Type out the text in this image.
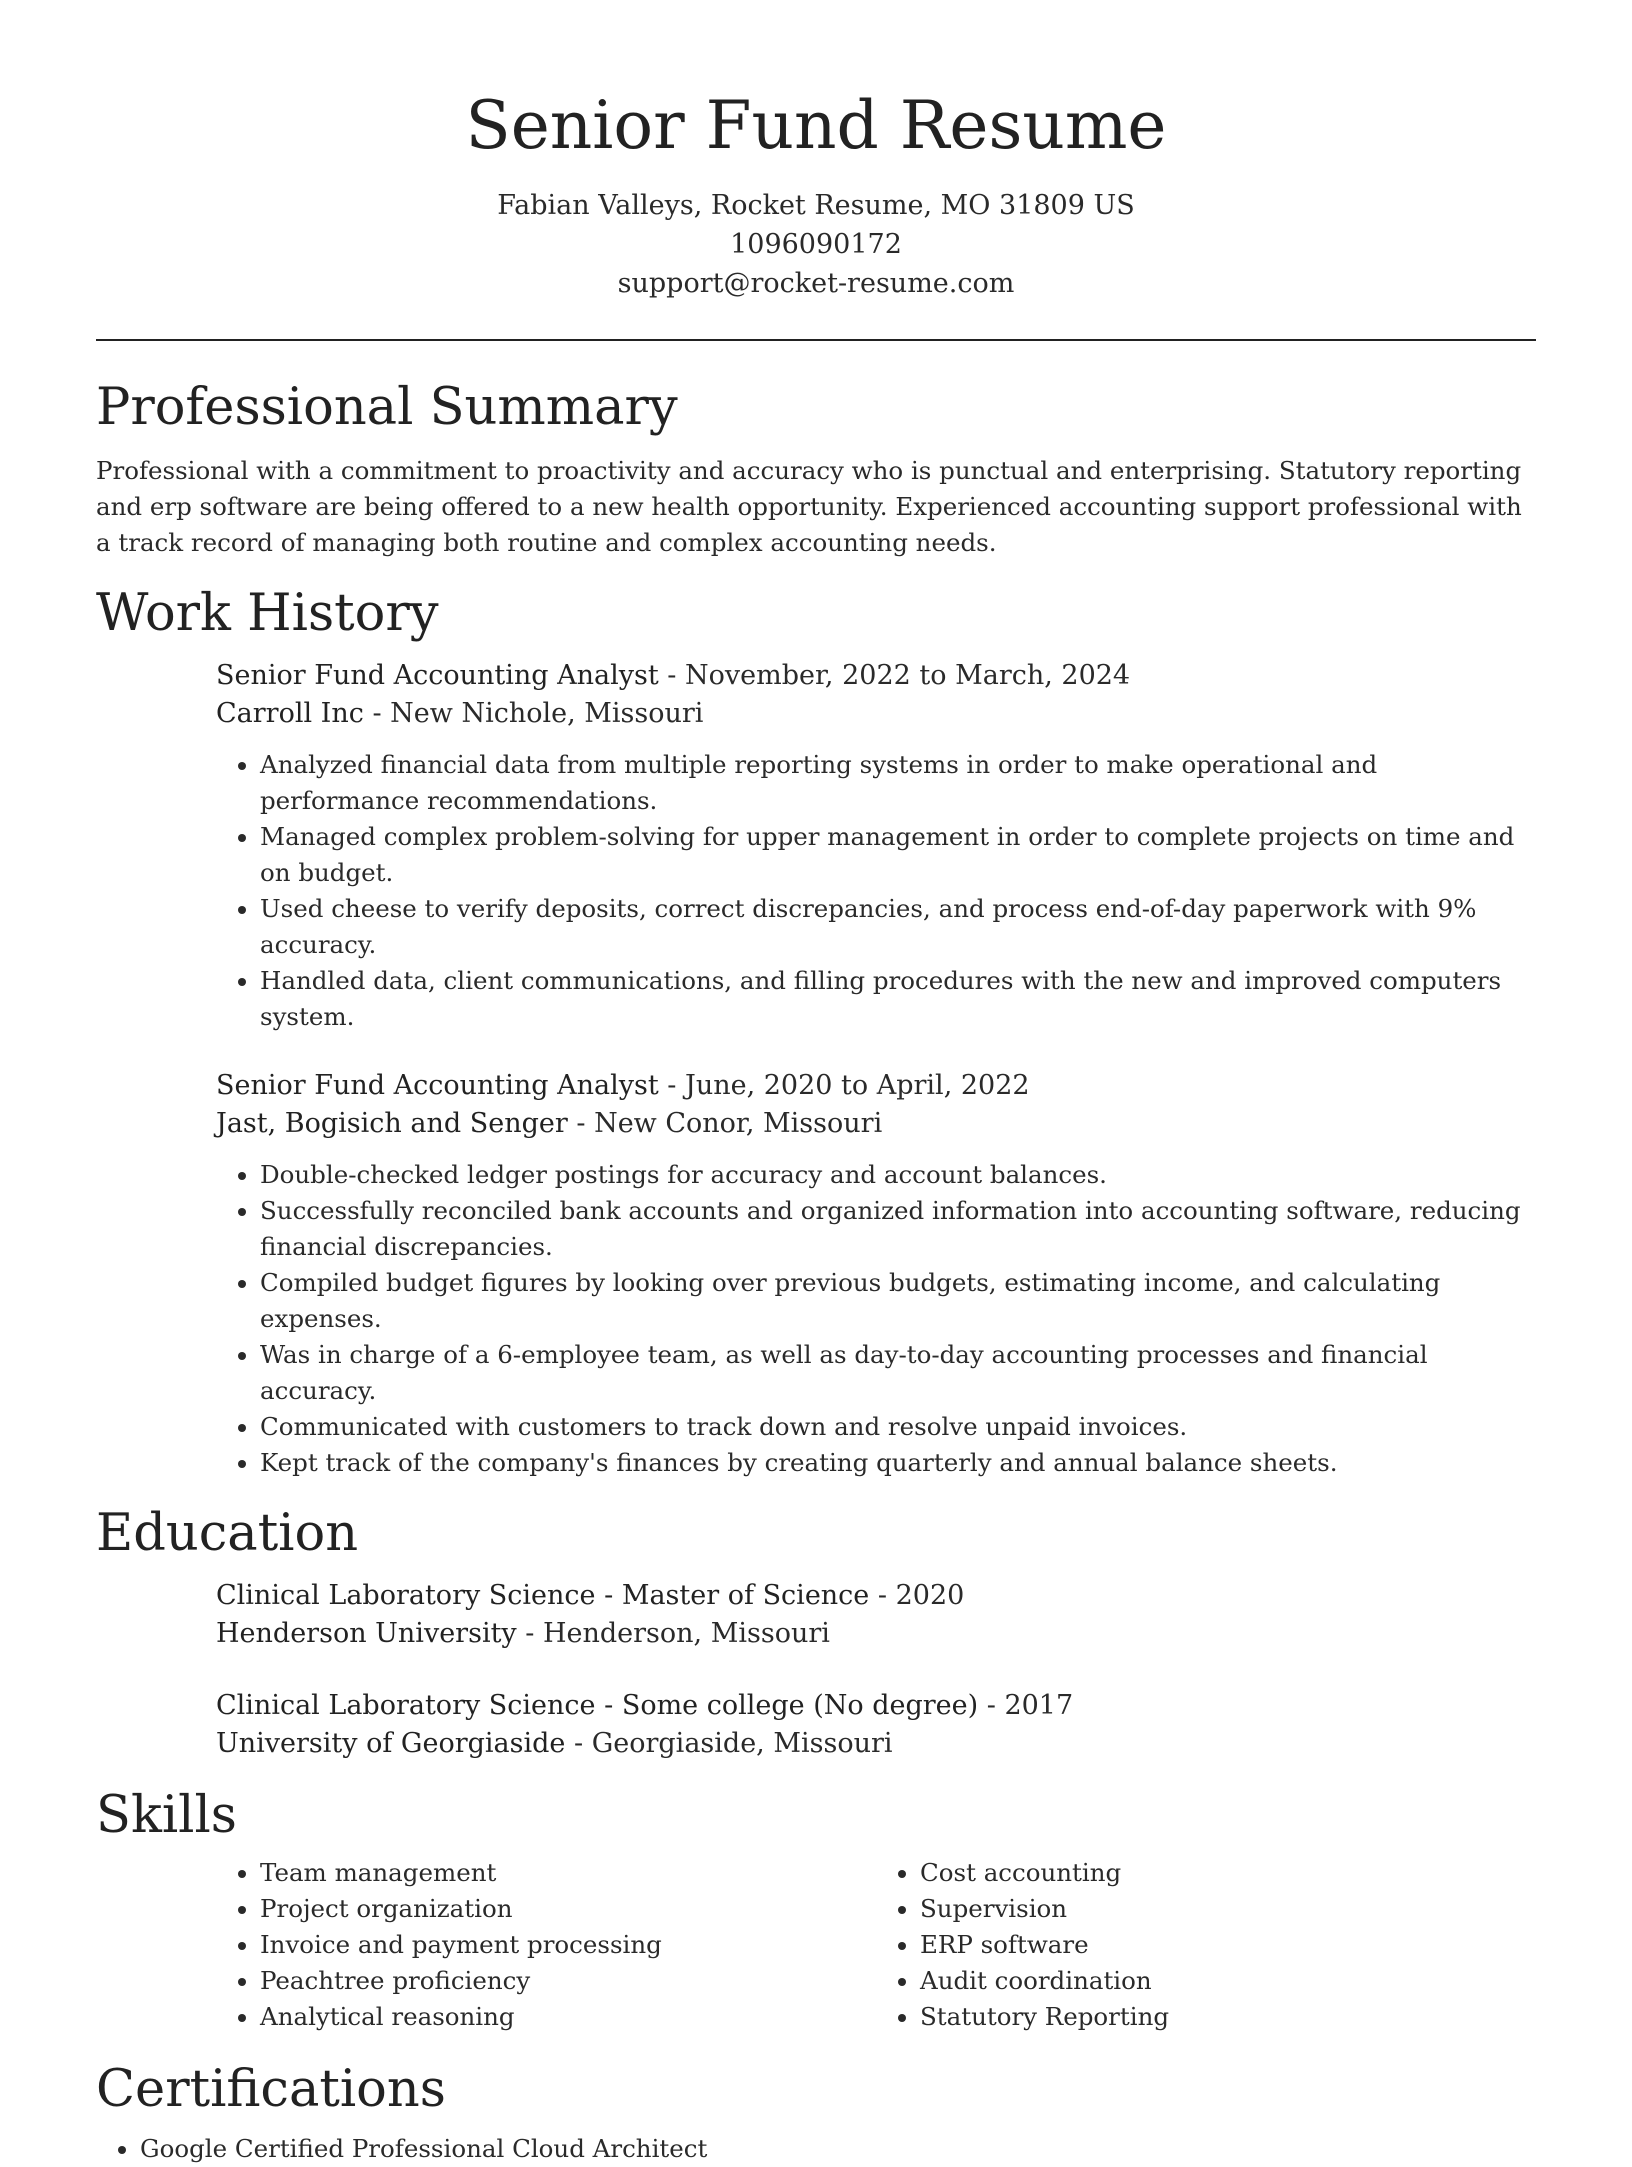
Senior Fund Resume
Fabian Valleys, Rocket Resume, MO 31809 US
1096090172
support@rocket-resume.com
Professional Summary

Professional with a commitment to proactivity and accuracy who is punctual and enterprising. Statutory reporting and erp software are being offered to a new health opportunity. Experienced accounting support professional with a track record of managing both routine and complex accounting needs.

Work History
Senior Fund Accounting Analyst - November, 2022 to March, 2024
Carroll Inc - New Nichole, Missouri
• Analyzed financial data from multiple reporting systems in order to make operational and performance recommendations.
• Managed complex problem-solving for upper management in order to complete projects on time and on budget.
• Used cheese to verify deposits, correct discrepancies, and process end-of-day paperwork with 9% accuracy.
• Handled data, client communications, and filling procedures with the new and improved computers system.
Senior Fund Accounting Analyst - June, 2020 to April, 2022
Jast, Bogisich and Senger - New Conor, Missouri
• Double-checked ledger postings for accuracy and account balances.
• Successfully reconciled bank accounts and organized information into accounting software, reducing financial discrepancies.
• Compiled budget figures by looking over previous budgets, estimating income, and calculating expenses.
• Was in charge of a 6-employee team, as well as day-to-day accounting processes and financial accuracy.
• Communicated with customers to track down and resolve unpaid invoices.
• Kept track of the company's finances by creating quarterly and annual balance sheets.
Education
Clinical Laboratory Science - Master of Science - 2020
Henderson University - Henderson, Missouri
Clinical Laboratory Science - Some college (No degree) - 2017
University of Georgiaside - Georgiaside, Missouri
Skills
• Team management
• Project organization
• Invoice and payment processing
• Peachtree proficiency
• Analytical reasoning
• Cost accounting
• Supervision
• ERP software
• Audit coordination
• Statutory Reporting
Certifications
• Google Certified Professional Cloud Architect
